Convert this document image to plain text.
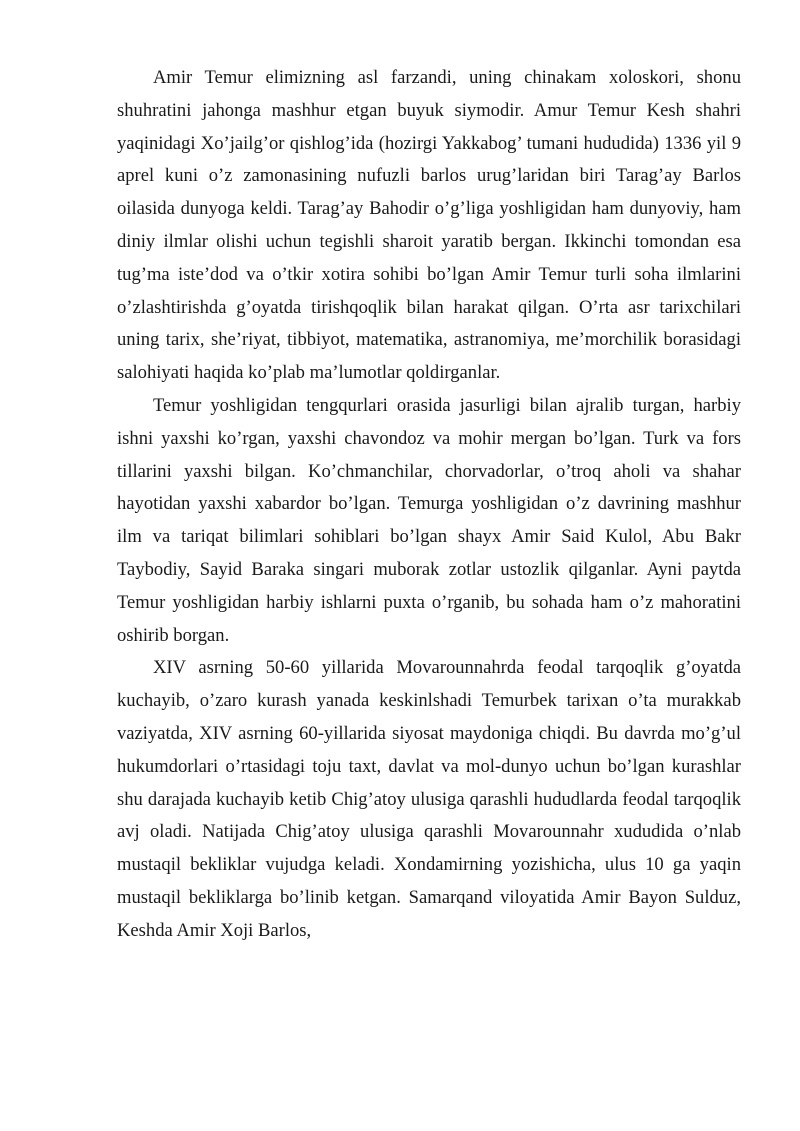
Amir Temur elimizning asl farzandi, uning chinakam xoloskori, shonu shuhratini jahonga mashhur etgan buyuk siymodir. Amur Temur Kesh shahri yaqinidagi Xo’jailg’or qishlog’ida (hozirgi Yakkabog’ tumani hududida) 1336 yil 9 aprel kuni o’z zamonasining nufuzli barlos urug’laridan biri Tarag’ay Barlos oilasida dunyoga keldi. Tarag’ay Bahodir o’g’liga yoshligidan ham dunyoviy, ham diniy ilmlar olishi uchun tegishli sharoit yaratib bergan. Ikkinchi tomondan esa tug’ma iste’dod va o’tkir xotira sohibi bo’lgan Amir Temur turli soha ilmlarini o’zlashtirishda g’oyatda tirishqoqlik bilan harakat qilgan. O’rta asr tarixchilari uning tarix, she’riyat, tibbiyot, matematika, astranomiya, me’morchilik borasidagi salohiyati haqida ko’plab ma’lumotlar qoldirganlar.

Temur yoshligidan tengqurlari orasida jasurligi bilan ajralib turgan, harbiy ishni yaxshi ko’rgan, yaxshi chavondoz va mohir mergan bo’lgan. Turk va fors tillarini yaxshi bilgan. Ko’chmanchilar, chorvadorlar, o’troq aholi va shahar hayotidan yaxshi xabardor bo’lgan. Temurga yoshligidan o’z davrining mashhur ilm va tariqat bilimlari sohiblari bo’lgan shayx Amir Said Kulol, Abu Bakr Taybodiy, Sayid Baraka singari muborak zotlar ustozlik qilganlar. Ayni paytda Temur yoshligidan harbiy ishlarni puxta o’rganib, bu sohada ham o’z mahoratini oshirib borgan.

XIV asrning 50-60 yillarida Movarounnahrda feodal tarqoqlik g’oyatda kuchayib, o’zaro kurash yanada keskinlshadi Temurbek tarixan o’ta murakkab vaziyatda, XIV asrning 60-yillarida siyosat maydoniga chiqdi. Bu davrda mo’g’ul hukumdorlari o’rtasidagi toju taxt, davlat va mol-dunyo uchun bo’lgan kurashlar shu darajada kuchayib ketib Chig’atoy ulusiga qarashli hududlarda feodal tarqoqlik avj oladi. Natijada Chig’atoy ulusiga qarashli Movarounnahr xududida o’nlab mustaqil bekliklar vujudga keladi. Xondamirning yozishicha, ulus 10 ga yaqin mustaqil bekliklarga bo’linib ketgan. Samarqand viloyatida Amir Bayon Sulduz, Keshda Amir Xoji Barlos,
